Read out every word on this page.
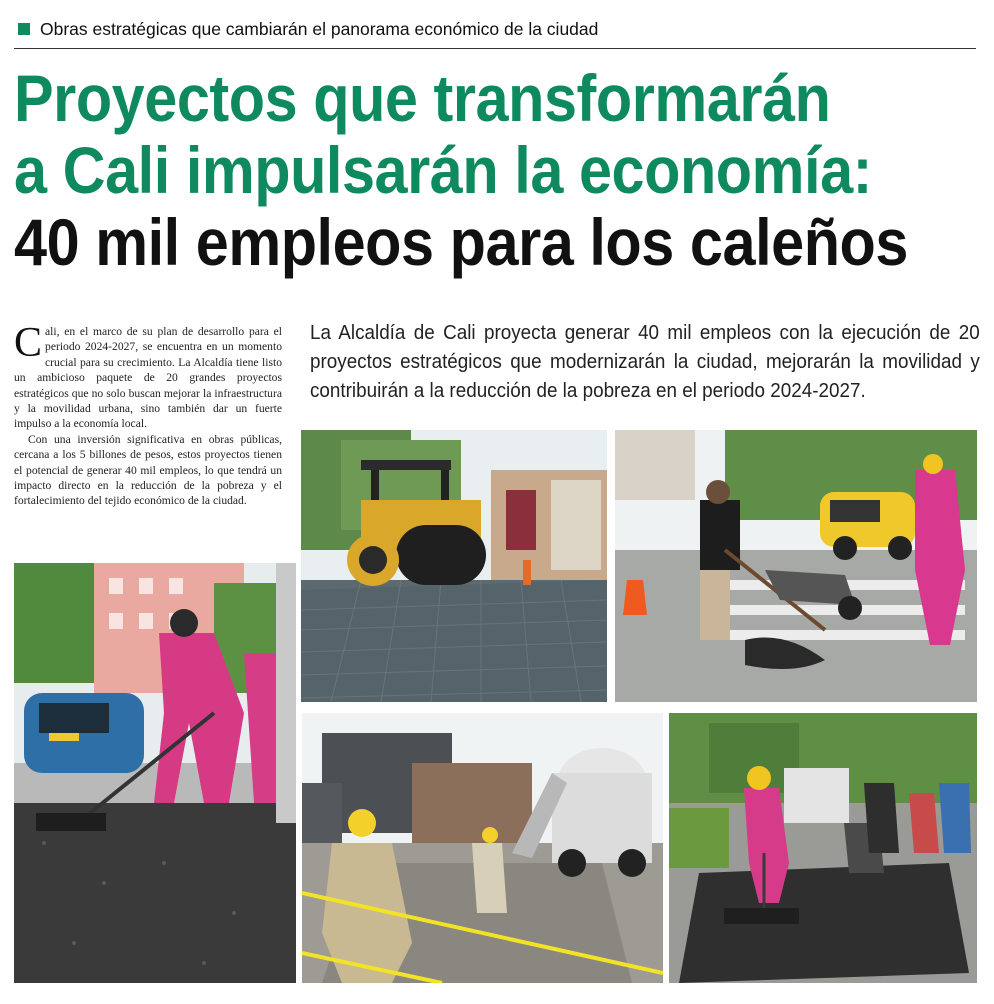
Obras estratégicas que cambiarán el panorama económico de la ciudad
Proyectos que transformarán
a Cali impulsarán la economía:
40 mil empleos para los caleños

Cali, en el marco de su plan de desarrollo para el periodo 2024-2027, se encuentra en un momento crucial para su crecimiento. La Alcaldía tiene listo un ambicioso paquete de 20 grandes proyectos estratégicos que no solo buscan mejorar la infraestructura y la movilidad urbana, sino también dar un fuerte impulso a la economía local.

Con una inversión significativa en obras públicas, cercana a los 5 billones de pesos, estos proyectos tienen el potencial de generar 40 mil empleos, lo que tendrá un impacto directo en la reducción de la pobreza y el fortalecimiento del tejido económico de la ciudad.

La Alcaldía de Cali proyecta generar 40 mil empleos con la ejecución de 20 proyectos estratégicos que modernizarán la ciudad, mejorarán la movilidad y contribuirán a la reducción de la pobreza en el periodo 2024-2027.
